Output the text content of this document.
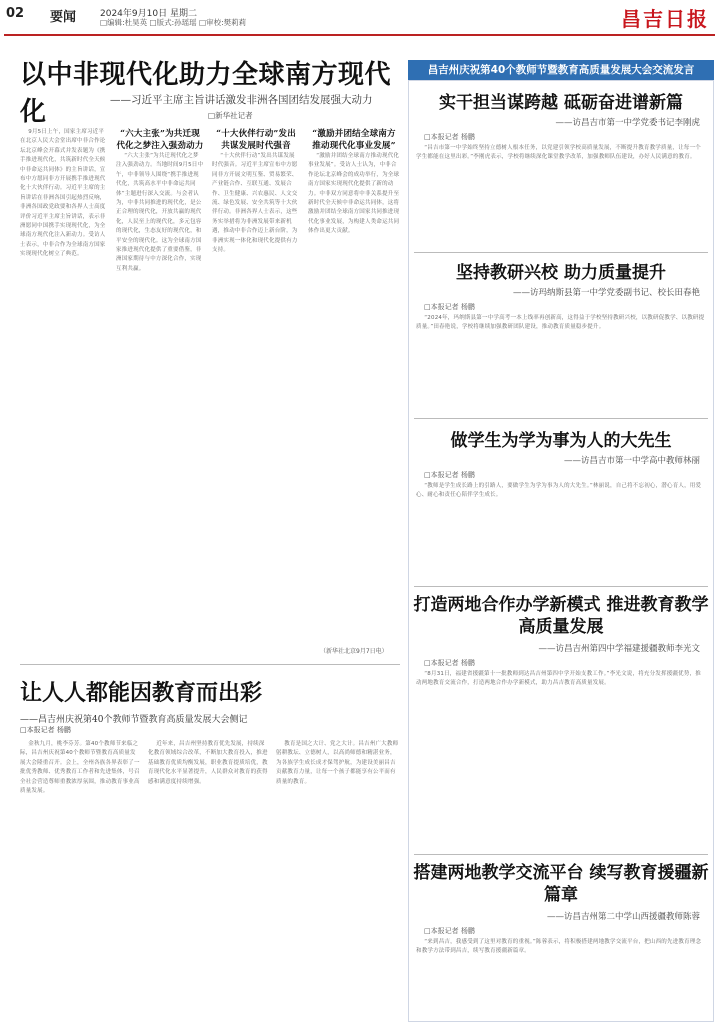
02 要闻	2024年9月10日 星期二
□编辑:杜昊英 □版式:孙瑶瑶 □审校:樊莉莉	昌吉日报
以中非现代化助力全球南方现代化	——习近平主席主旨讲话激发非洲各国团结发展强大动力
□新华社记者

9月5日上午，国家主席习近平在北京人民大会堂出席中非合作论坛北京峰会开幕式并发表题为《携手推进现代化，共筑新时代全天候中非命运共同体》的主旨讲话，宣布中方愿同非方开展携手推进现代化十大伙伴行动。习近平主席的主旨讲话在非洲各国引起热烈反响，非洲各国政党政要和各界人士高度评价习近平主席主旨讲话，表示非洲愿同中国携手实现现代化，为全球南方现代化注入新动力。受访人士表示，中非合作为全球南方国家实现现代化树立了典范。

“六大主张”为共迁现代化之梦注入强劲动力

“六大主张”为共迁现代化之梦注入强劲动力。当地时间9月5日中午，中非领导人围绕“携手推进现代化，共筑高水平中非命运共同体”主题进行深入交流。与会者认为，中非共同推进的现代化，是公正合理的现代化，开放共赢的现代化，人民至上的现代化，多元包容的现代化，生态友好的现代化，和平安全的现代化。这为全球南方国家推进现代化提供了重要借鉴，非洲国家期待与中方深化合作，实现互利共赢。

“十大伙伴行动”发出共谋发展时代强音

“十大伙伴行动”发出共谋发展时代强音。习近平主席宣布中方愿同非方开展文明互鉴、贸易繁荣、产业链合作、互联互通、发展合作、卫生健康、兴农惠民、人文交流、绿色发展、安全共筑等十大伙伴行动。非洲各界人士表示，这些务实举措将为非洲发展带来新机遇，推动中非合作迈上新台阶，为非洲实现一体化和现代化提供有力支持。

“激励并团结全球南方推动现代化事业发展”

“激励并团结全球南方推动现代化事业发展”。受访人士认为，中非合作论坛北京峰会的成功举行，为全球南方国家实现现代化提供了新的动力。中非双方同意将中非关系提升至新时代全天候中非命运共同体，这将激励并团结全球南方国家共同推进现代化事业发展，为构建人类命运共同体作出更大贡献。

（新华社北京9月7日电）
让人人都能因教育而出彩
——昌吉州庆祝第40个教师节暨教育高质量发展大会侧记
□本报记者 杨鹏

金秋九月，桃李芬芳。第40个教师节来临之际，昌吉州庆祝第40个教师节暨教育高质量发展大会隆重召开。会上，全州各族各界表彰了一批优秀教师、优秀教育工作者和先进集体，号召全社会营造尊师重教浓厚氛围，推动教育事业高质量发展。

近年来，昌吉州坚持教育优先发展，持续深化教育领域综合改革，不断加大教育投入，推进基础教育优质均衡发展，职业教育提质培优，教育现代化水平显著提升，人民群众对教育的获得感和满意度持续增强。

教育是国之大计、党之大计。昌吉州广大教师躬耕教坛、立德树人，以高尚师德和精湛业务，为各族学生成长成才保驾护航，为建设美丽昌吉贡献教育力量，让每一个孩子都能享有公平而有质量的教育。

昌吉州庆祝第40个教师节暨教育高质量发展大会交流发言
实干担当谋跨越 砥砺奋进谱新篇
——访昌吉市第一中学党委书记李刚虎
□本报记者 杨鹏

“昌吉市第一中学始终坚持立德树人根本任务，以党建引领学校高质量发展，不断提升教育教学质量，让每一个学生都能在这里出彩。”李刚虎表示，学校将继续深化课堂教学改革，加强教师队伍建设，办好人民满意的教育。

坚持教研兴校 助力质量提升
——访玛纳斯县第一中学党委副书记、校长田春艳
□本报记者 杨鹏

“2024年，玛纳斯县第一中学高考一本上线率再创新高，这得益于学校坚持教研兴校，以教研促教学、以教研提质量。”田春艳说，学校将继续加强教研团队建设，推动教育质量稳步提升。

做学生为学为事为人的大先生
——访昌吉市第一中学高中教师林丽
□本报记者 杨鹏

“教师是学生成长路上的引路人，要做学生为学为事为人的大先生。”林丽说，自己将不忘初心，潜心育人，用爱心、耐心和责任心陪伴学生成长。

打造两地合作办学新模式 推进教育教学高质量发展
——访昌吉州第四中学福建援疆教师李光文
□本报记者 杨鹏

“8月31日，福建省援疆第十一批教师到达昌吉州第四中学开始支教工作。”李光文说，将充分发挥援疆优势，推动两地教育交流合作，打造两地合作办学新模式，助力昌吉教育高质量发展。

搭建两地教学交流平台 续写教育援疆新篇章
——访昌吉州第二中学山西援疆教师陈蓉
□本报记者 杨鹏

“来到昌吉，我感受到了这里对教育的重视。”陈蓉表示，将积极搭建两地教学交流平台，把山西的先进教育理念和教学方法带到昌吉，续写教育援疆新篇章。
